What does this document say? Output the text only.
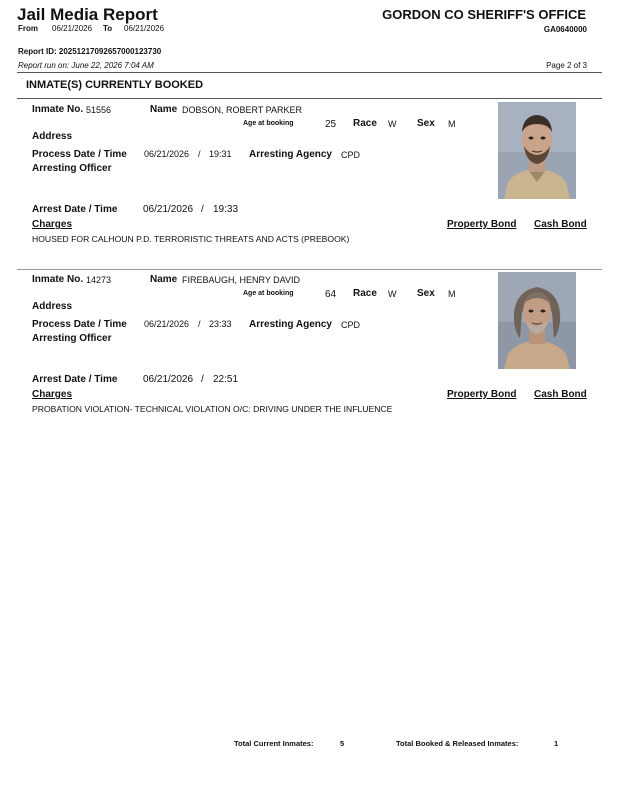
Jail Media Report
From 06/21/2026 To 06/21/2026
GORDON CO SHERIFF'S OFFICE
GA0640000
Report ID: 20251217092657000123730
Report run on: June 22, 2026 7:04 AM	Page 2 of 3
INMATE(S) CURRENTLY BOOKED
Inmate No. 51556	Name DOBSON, ROBERT PARKER
Age at booking	25 Race W Sex M
Address
Process Date / Time 06/21/2026 / 19:31 Arresting Agency CPD
Arresting Officer
Arrest Date / Time	06/21/2026 / 19:33
Charges	Property Bond Cash Bond
HOUSED FOR CALHOUN P.D. TERRORISTIC THREATS AND ACTS (PREBOOK)
Inmate No. 14273	Name FIREBAUGH, HENRY DAVID
Age at booking	64 Race W Sex M
Address
Process Date / Time 06/21/2026 / 23:33 Arresting Agency CPD
Arresting Officer
Arrest Date / Time	06/21/2026 / 22:51
Charges	Property Bond Cash Bond
PROBATION VIOLATION- TECHNICAL VIOLATION O/C: DRIVING UNDER THE INFLUENCE
Total Current Inmates:	5	Total Booked & Released Inmates:	1
